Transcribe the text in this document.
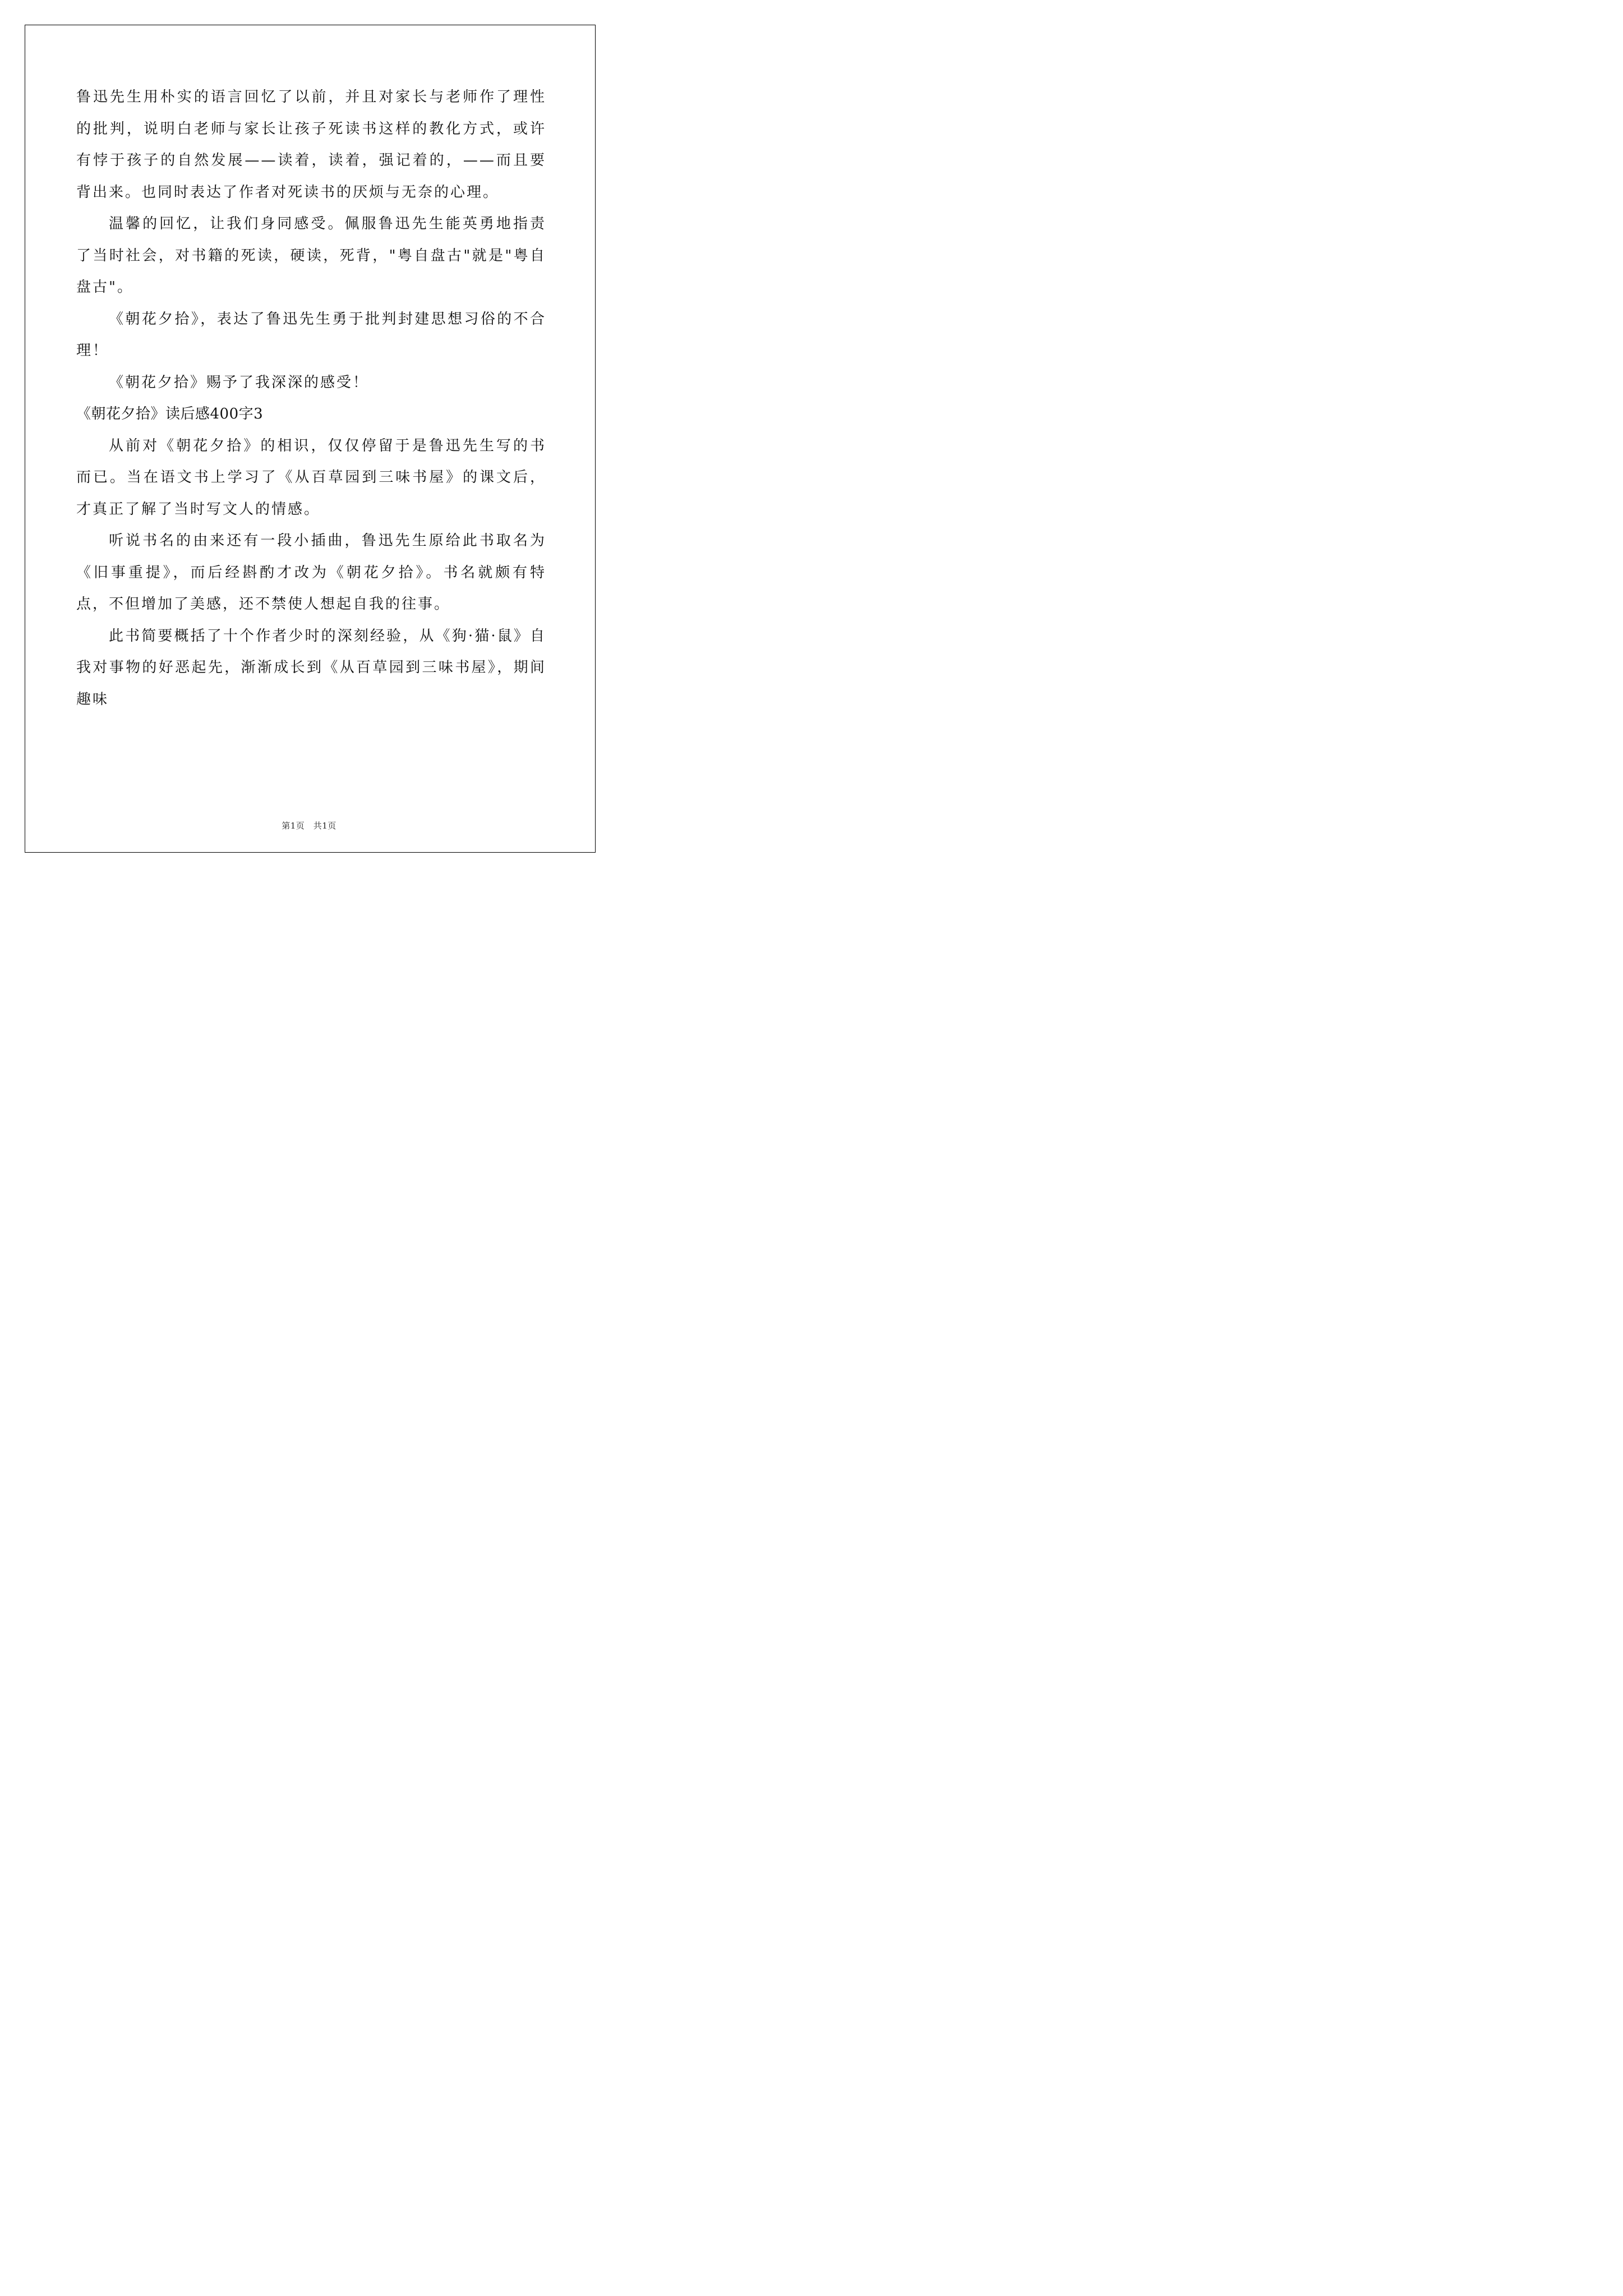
鲁迅先生用朴实的语言回忆了以前，并且对家长与老师作了理性的批判，说明白老师与家长让孩子死读书这样的教化方式，或许有悖于孩子的自然发展——读着，读着，强记着的，——而且要背出来。也同时表达了作者对死读书的厌烦与无奈的心理。

温馨的回忆，让我们身同感受。佩服鲁迅先生能英勇地指责了当时社会，对书籍的死读，硬读，死背，"粤自盘古"就是"粤自盘古"。

《朝花夕拾》，表达了鲁迅先生勇于批判封建思想习俗的不合理！

《朝花夕拾》赐予了我深深的感受！

《朝花夕拾》读后感400字3

从前对《朝花夕拾》的相识，仅仅停留于是鲁迅先生写的书而已。当在语文书上学习了《从百草园到三味书屋》的课文后，才真正了解了当时写文人的情感。

听说书名的由来还有一段小插曲，鲁迅先生原给此书取名为《旧事重提》，而后经斟酌才改为《朝花夕拾》。书名就颇有特点，不但增加了美感，还不禁使人想起自我的往事。

此书简要概括了十个作者少时的深刻经验，从《狗·猫·鼠》自我对事物的好恶起先，渐渐成长到《从百草园到三味书屋》，期间趣味

第1页　共1页
